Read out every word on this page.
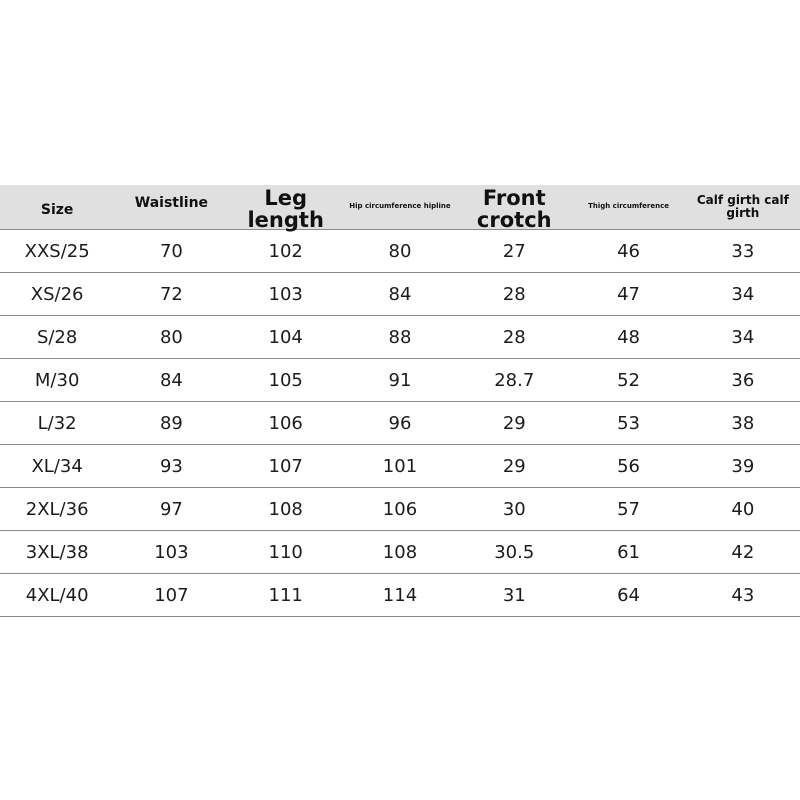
Size	Waistline	Leg length	Hip circumference hipline	Front crotch	Thigh circumference	Calf girth calf girth
XXS/25	70	102	80	27	46	33
XS/26	72	103	84	28	47	34
S/28	80	104	88	28	48	34
M/30	84	105	91	28.7	52	36
L/32	89	106	96	29	53	38
XL/34	93	107	101	29	56	39
2XL/36	97	108	106	30	57	40
3XL/38	103	110	108	30.5	61	42
4XL/40	107	111	114	31	64	43
